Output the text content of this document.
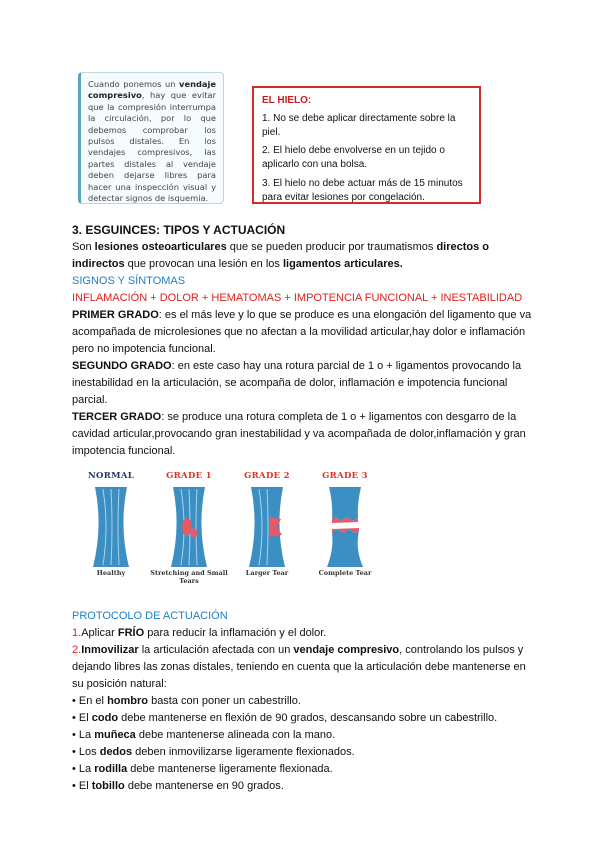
Cuando ponemos un vendaje compresivo, hay que evitar que la compresión interrumpa la circulación, por lo que debemos comprobar los pulsos distales. En los vendajes compresivos, las partes distales al vendaje deben dejarse libres para hacer una inspección visual y detectar signos de isquemia.
EL HIELO:
1. No se debe aplicar directamente sobre la piel.
2. El hielo debe envolverse en un tejido o aplicarlo con una bolsa.
3. El hielo no debe actuar más de 15 minutos para evitar lesiones por congelación.
3. ESGUINCES: TIPOS Y ACTUACIÓN

Son lesiones osteoarticulares que se pueden producir por traumatismos directos o indirectos que provocan una lesión en los ligamentos articulares.

SIGNOS Y SÍNTOMAS

INFLAMACIÓN + DOLOR + HEMATOMAS + IMPOTENCIA FUNCIONAL + INESTABILIDAD

PRIMER GRADO: es el más leve y lo que se produce es una elongación del ligamento que va acompañada de microlesiones que no afectan a la movilidad articular,hay dolor e inflamación pero no impotencia funcional.

SEGUNDO GRADO: en este caso hay una rotura parcial de 1 o + ligamentos provocando la inestabilidad en la articulación, se acompaña de dolor, inflamación e impotencia funcional parcial.

TERCER GRADO: se produce una rotura completa de 1 o + ligamentos con desgarro de la cavidad articular,provocando gran inestabilidad y va acompañada de dolor,inflamación y gran impotencia funcional.

NORMAL
Healthy
GRADE 1
Stretching and Small Tears
GRADE 2
Larger Tear
GRADE 3
Complete Tear

PROTOCOLO DE ACTUACIÓN

1.Aplicar FRÍO para reducir la inflamación y el dolor.

2.Inmovilizar la articulación afectada con un vendaje compresivo, controlando los pulsos y dejando libres las zonas distales, teniendo en cuenta que la articulación debe mantenerse en su posición natural:

• En el hombro basta con poner un cabestrillo.

• El codo debe mantenerse en flexión de 90 grados, descansando sobre un cabestrillo.

• La muñeca debe mantenerse alineada con la mano.

• Los dedos deben inmovilizarse ligeramente flexionados.

• La rodilla debe mantenerse ligeramente flexionada.

• El tobillo debe mantenerse en 90 grados.
